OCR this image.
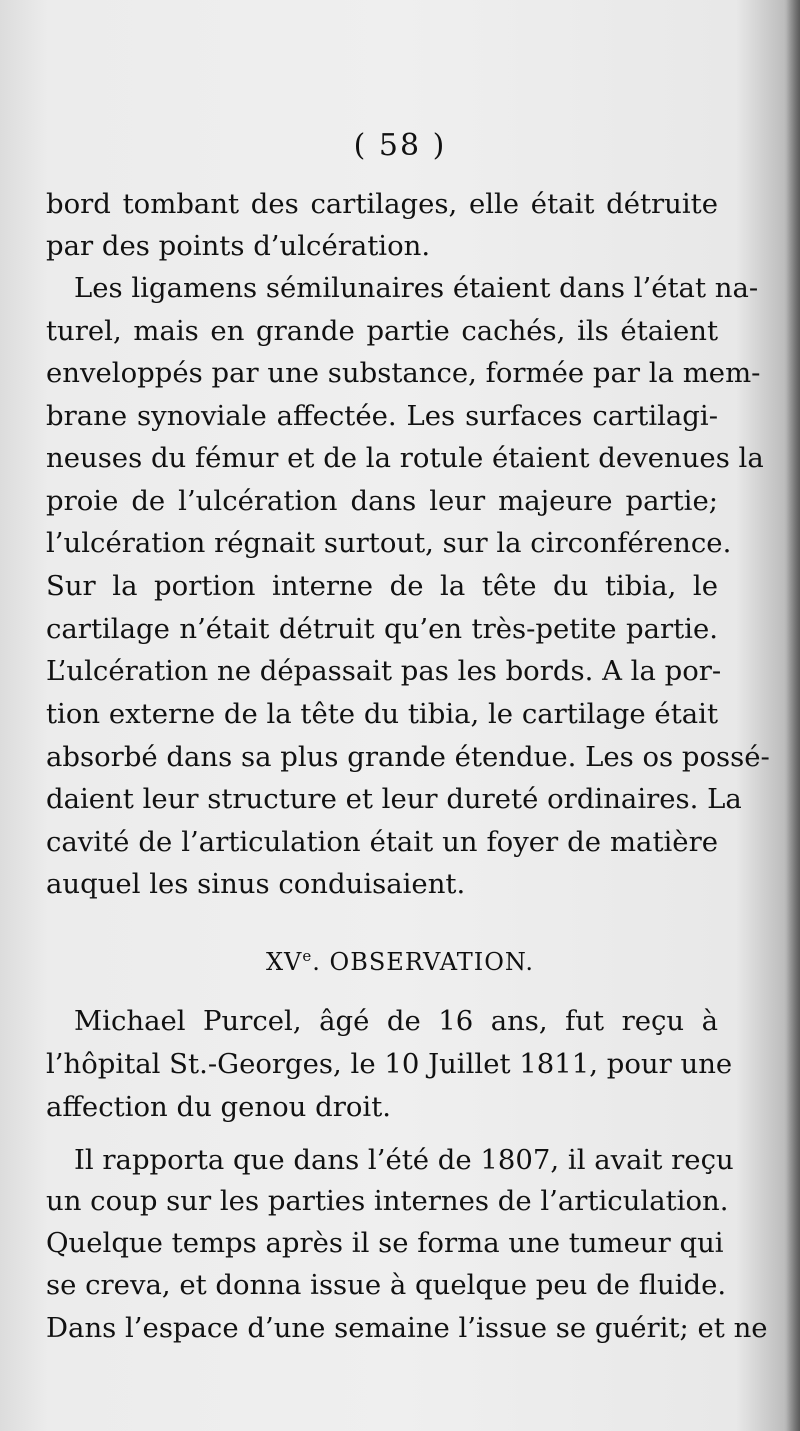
( 58 )
bord tombant des cartilages, elle était détruite
par des points d’ulcération.
Les ligamens sémilunaires étaient dans l’état na-
turel, mais en grande partie cachés, ils étaient
enveloppés par une substance, formée par la mem-
brane synoviale affectée. Les surfaces cartilagi-
neuses du fémur et de la rotule étaient devenues la
proie de l’ulcération dans leur majeure partie;
l’ulcération régnait surtout, sur la circonférence.
Sur la portion interne de la tête du tibia, le
cartilage n’était détruit qu’en très-petite partie.
L’ulcération ne dépassait pas les bords. A la por-
tion externe de la tête du tibia, le cartilage était
absorbé dans sa plus grande étendue. Les os possé-
daient leur structure et leur dureté ordinaires. La
cavité de l’articulation était un foyer de matière
auquel les sinus conduisaient.
XVe. OBSERVATION.
Michael Purcel, âgé de 16 ans, fut reçu à
l’hôpital St.-Georges, le 10 Juillet 1811, pour une
affection du genou droit.
Il rapporta que dans l’été de 1807, il avait reçu
un coup sur les parties internes de l’articulation.
Quelque temps après il se forma une tumeur qui
se creva, et donna issue à quelque peu de fluide.
Dans l’espace d’une semaine l’issue se guérit; et ne
